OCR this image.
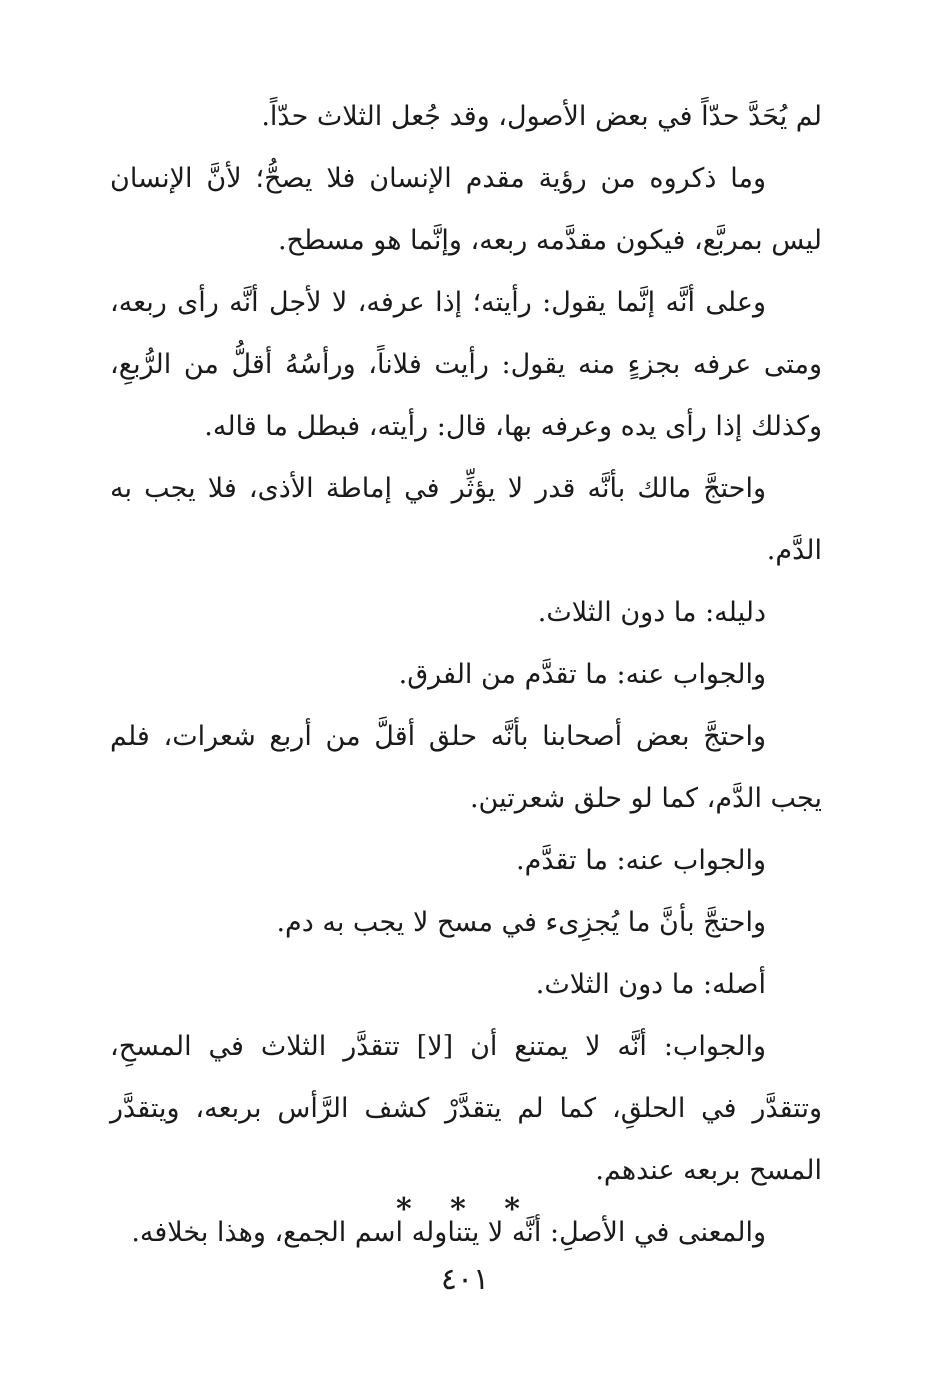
لم يُحَدَّ حدّاً في بعض الأصول، وقد جُعل الثلاث حدّاً.

وما ذكروه من رؤية مقدم الإنسان فلا يصحُّ؛ لأنَّ الإنسان ليس بمربَّع، فيكون مقدَّمه ربعه، وإنَّما هو مسطح.

وعلى أنَّه إنَّما يقول: رأيته؛ إذا عرفه، لا لأجل أنَّه رأى ربعه، ومتى عرفه بجزءٍ منه يقول: رأيت فلاناً، ورأسُهُ أقلُّ من الرُّبعِ، وكذلك إذا رأى يده وعرفه بها، قال: رأيته، فبطل ما قاله.

واحتجَّ مالك بأنَّه قدر لا يؤثِّر في إماطة الأذى، فلا يجب به الدَّم.

دليله: ما دون الثلاث.

والجواب عنه: ما تقدَّم من الفرق.

واحتجَّ بعض أصحابنا بأنَّه حلق أقلَّ من أربع شعرات، فلم يجب الدَّم، كما لو حلق شعرتين.

والجواب عنه: ما تقدَّم.

واحتجَّ بأنَّ ما يُجزِىء في مسح لا يجب به دم.

أصله: ما دون الثلاث.

والجواب: أنَّه لا يمتنع أن [لا] تتقدَّر الثلاث في المسحِ، وتتقدَّر في الحلقِ، كما لم يتقدَّرْ كشف الرَّأس بربعه، ويتقدَّر المسح بربعه عندهم.

والمعنى في الأصلِ: أنَّه لا يتناوله اسم الجمع، وهذا بخلافه.

* * *
٤٠١
